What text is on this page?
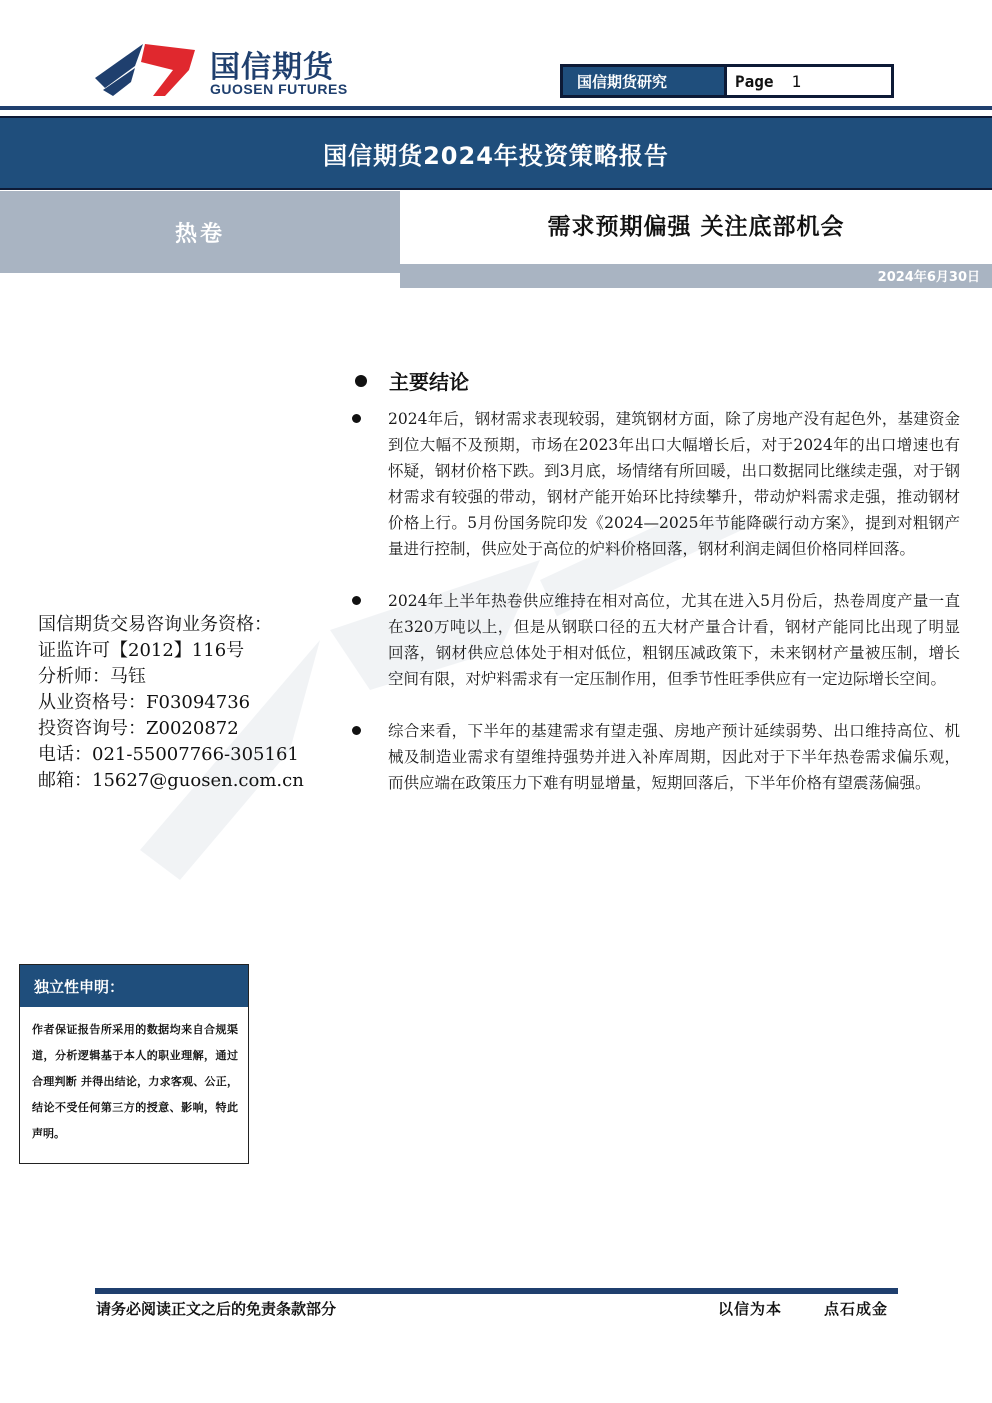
国信期货
GUOSEN FUTURES	国信期货研究	Page 1
国信期货2024年投资策略报告
热卷	需求预期偏强 关注底部机会
2024年6月30日
国信期货交易咨询业务资格：
证监许可【2012】116号
分析师：马钰
从业资格号：F03094736
投资咨询号：Z0020872
电话：021-55007766-305161
邮箱：15627@guosen.com.cn
独立性申明：
作者保证报告所采用的数据均来自合规渠道，分析逻辑基于本人的职业理解，通过合理判断 并得出结论，力求客观、公正，结论不受任何第三方的授意、影响，特此声明。
主要结论
2024年后，钢材需求表现较弱，建筑钢材方面，除了房地产没有起色外，基建资金到位大幅不及预期，市场在2023年出口大幅增长后，对于2024年的出口增速也有怀疑，钢材价格下跌。到3月底，场情绪有所回暖，出口数据同比继续走强，对于钢材需求有较强的带动，钢材产能开始环比持续攀升，带动炉料需求走强，推动钢材价格上行。5月份国务院印发《2024—2025年节能降碳行动方案》，提到对粗钢产量进行控制，供应处于高位的炉料价格回落，钢材利润走阔但价格同样回落。
2024年上半年热卷供应维持在相对高位，尤其在进入5月份后，热卷周度产量一直在320万吨以上，但是从钢联口径的五大材产量合计看，钢材产能同比出现了明显回落，钢材供应总体处于相对低位，粗钢压减政策下，未来钢材产量被压制，增长空间有限，对炉料需求有一定压制作用，但季节性旺季供应有一定边际增长空间。
综合来看，下半年的基建需求有望走强、房地产预计延续弱势、出口维持高位、机械及制造业需求有望维持强势并进入补库周期，因此对于下半年热卷需求偏乐观，而供应端在政策压力下难有明显增量，短期回落后，下半年价格有望震荡偏强。
请务必阅读正文之后的免责条款部分	以信为本	点石成金
